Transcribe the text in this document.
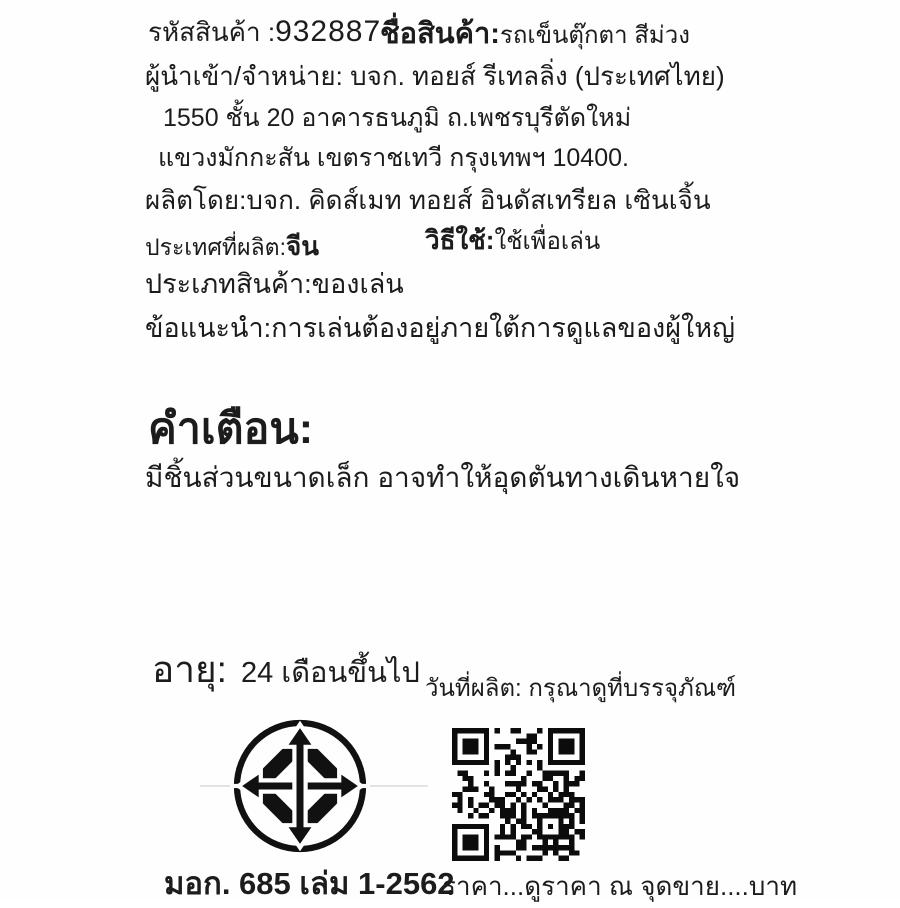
รหัสสินค้า : 932887
ชื่อสินค้า: รถเข็นตุ๊กตา สีม่วง
ผู้นำเข้า/จำหน่าย: บจก. ทอยส์ รีเทลลิ่ง (ประเทศไทย)
1550 ชั้น 20 อาคารธนภูมิ ถ.เพชรบุรีตัดใหม่
แขวงมักกะสัน เขตราชเทวี กรุงเทพฯ 10400.
ผลิตโดย:บจก. คิดส์เมท ทอยส์ อินดัสเทรียล เซินเจิ้น
ประเทศที่ผลิต: จีน	วิธีใช้: ใช้เพื่อเล่น
ประเภทสินค้า:ของเล่น
ข้อแนะนำ: การเล่นต้องอยู่ภายใต้การดูแลของผู้ใหญ่
คำเตือน:
มีชิ้นส่วนขนาดเล็ก อาจทำให้อุดตันทางเดินหายใจ
อายุ: 24 เดือนขึ้นไป วันที่ผลิต: กรุณาดูที่บรรจุภัณฑ์
มอก. 685 เล่ม 1-2562
ราคา...ดูราคา ณ จุดขาย....บาท
